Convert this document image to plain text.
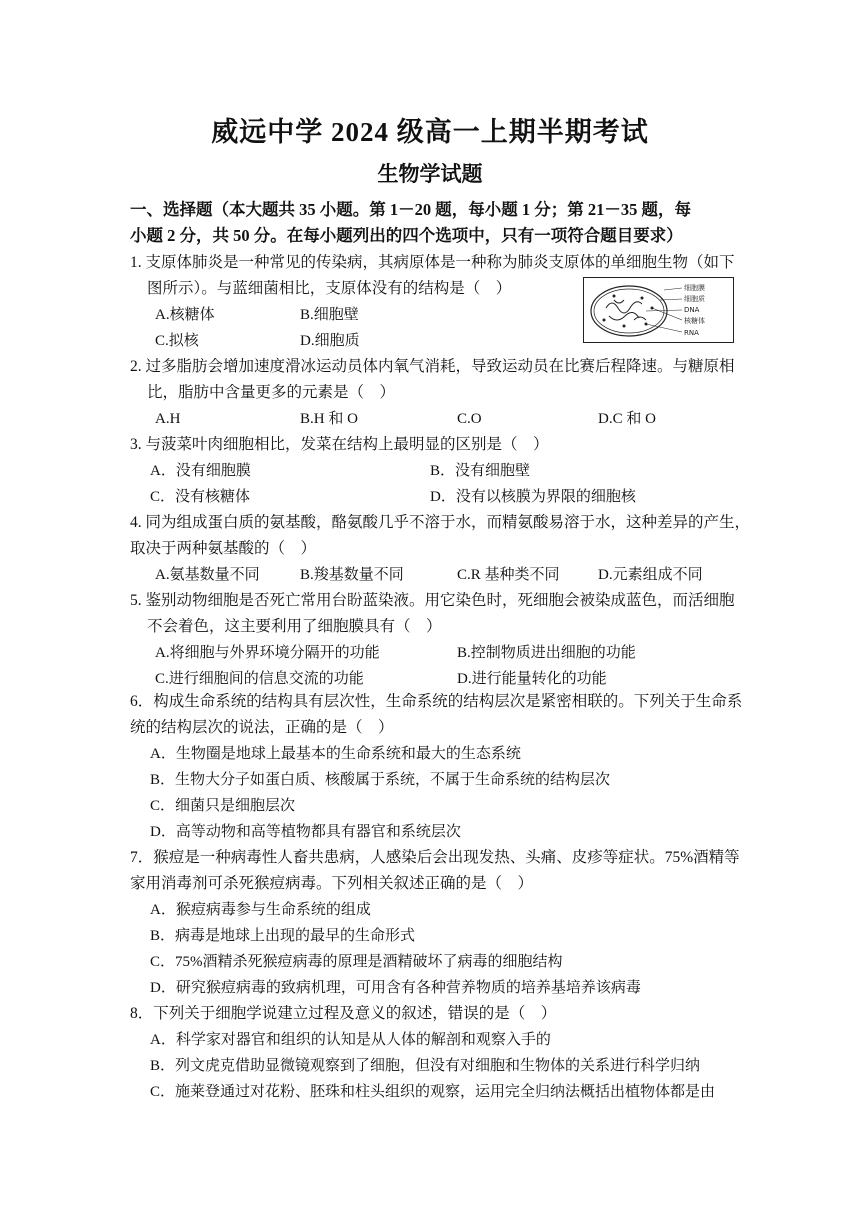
威远中学 2024 级高一上期半期考试
生物学试题
一、选择题（本大题共 35 小题。第 1－20 题，每小题 1 分；第 21－35 题，每
小题 2 分，共 50 分。在每小题列出的四个选项中，只有一项符合题目要求）
1. 支原体肺炎是一种常见的传染病，其病原体是一种称为肺炎支原体的单细胞生物（如下
图所示）。与蓝细菌相比，支原体没有的结构是（　）
A.核糖体	B.细胞壁
C.拟核	D.细胞质
细胞膜
细胞质
DNA
核糖体
RNA
2. 过多脂肪会增加速度滑冰运动员体内氧气消耗，导致运动员在比赛后程降速。与糖原相
比，脂肪中含量更多的元素是（　）
A.H	B.H 和 O	C.O	D.C 和 O
3. 与菠菜叶肉细胞相比，发菜在结构上最明显的区别是（　）
A．没有细胞膜	B．没有细胞壁
C．没有核糖体	D．没有以核膜为界限的细胞核
4. 同为组成蛋白质的氨基酸，酪氨酸几乎不溶于水，而精氨酸易溶于水，这种差异的产生，
取决于两种氨基酸的（　）
A.氨基数量不同	B.羧基数量不同	C.R 基种类不同	D.元素组成不同
5. 鉴别动物细胞是否死亡常用台盼蓝染液。用它染色时，死细胞会被染成蓝色，而活细胞
不会着色，这主要利用了细胞膜具有（　）
A.将细胞与外界环境分隔开的功能	B.控制物质进出细胞的功能
C.进行细胞间的信息交流的功能	D.进行能量转化的功能
6．构成生命系统的结构具有层次性，生命系统的结构层次是紧密相联的。下列关于生命系
统的结构层次的说法，正确的是（　）
A．生物圈是地球上最基本的生命系统和最大的生态系统
B．生物大分子如蛋白质、核酸属于系统，不属于生命系统的结构层次
C．细菌只是细胞层次
D．高等动物和高等植物都具有器官和系统层次
7．猴痘是一种病毒性人畜共患病，人感染后会出现发热、头痛、皮疹等症状。75%酒精等
家用消毒剂可杀死猴痘病毒。下列相关叙述正确的是（　）
A．猴痘病毒参与生命系统的组成
B．病毒是地球上出现的最早的生命形式
C．75%酒精杀死猴痘病毒的原理是酒精破坏了病毒的细胞结构
D．研究猴痘病毒的致病机理，可用含有各种营养物质的培养基培养该病毒
8．下列关于细胞学说建立过程及意义的叙述，错误的是（　）
A．科学家对器官和组织的认知是从人体的解剖和观察入手的
B．列文虎克借助显微镜观察到了细胞，但没有对细胞和生物体的关系进行科学归纳
C．施莱登通过对花粉、胚珠和柱头组织的观察，运用完全归纳法概括出植物体都是由
